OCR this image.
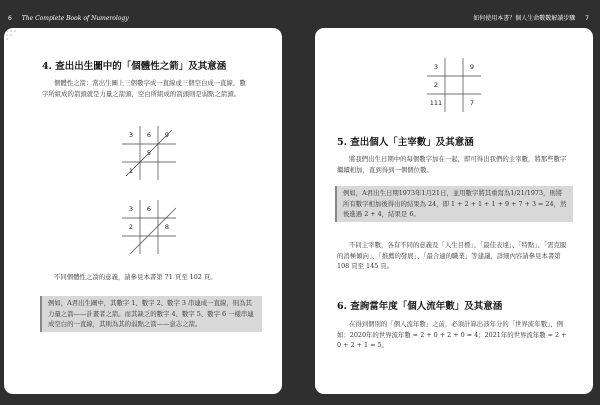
6 The Complete Book of Numerology	如何使用本書？個人生命數數解讀步驟 7
4. 查出出生圖中的「個體性之箭」及其意涵

個體性之箭：當出生圖上三個數字成一直線或三個空白成一直線，數字所組成的箭頭就是力量之箭頭，空白所組成的箭頭則是弱點之箭頭。

3	6	9
5
1
3	6
2	8

不同個體性之箭的意義，請參見本書第 71 頁至 102 頁。

例如，A君出生圖中，其數字 1、數字 2、數字 3 串連成一直線，則為其力量之箭——計畫者之箭。而其缺乏的數字 4、數字 5、數字 6 一樣串連成空白的一直線，其則為其的弱點之箭——意志之箭。
3	9
2
111	7
5. 查出個人「主宰數」及其意涵

將我們出生日期中的每個數字加在一起，即可得出我們的主宰數，將那些數字繼續相加，直到得到一個個位數。

例如，A君出生日期1973年1月21日，並用數字將其重寫為1/21/1973，則將所有數字相加後得出的結果為 24，即 1 + 2 + 1 + 1 + 9 + 7 + 3 = 24，然後進過 2 + 4，結果是 6。

不同主宰數，各有不同的意義及「人生目標」、「最佳表達」、「特點」、「需克服的消極傾向」、「推薦的發展」、「最合適的職業」等建議，詳細內容請參見本書第 108 頁至 145 頁。

6. 查詢當年度「個人流年數」及其意涵

在得到個別的「個人流年數」之前，必須計算出該年分的「世界流年數」，例如：2020年的世界流年數 = 2 + 0 + 2 + 0 = 4；2021年的世界流年數 = 2 + 0 + 2 + 1 = 5。
